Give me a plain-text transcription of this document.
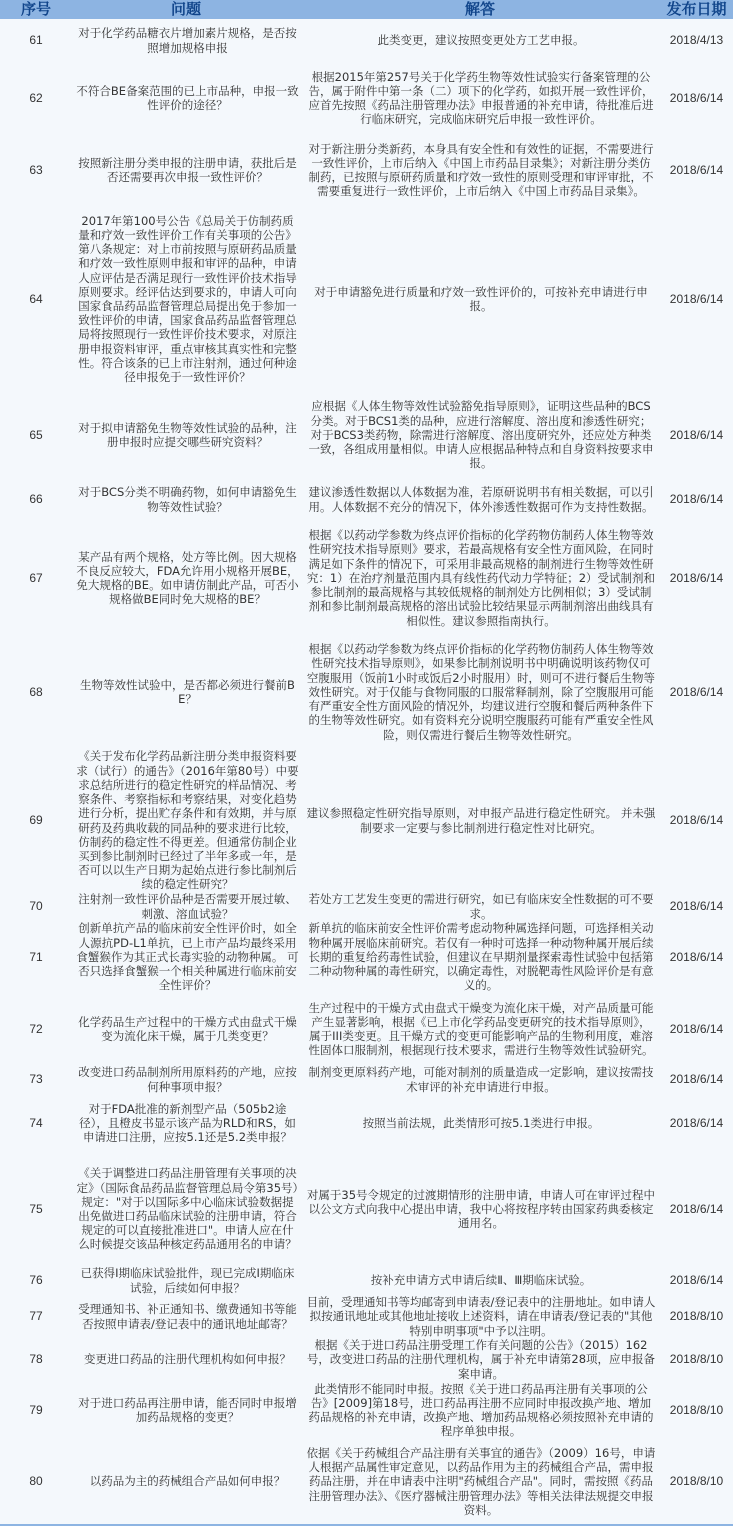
序号	问题	解答	发布日期
61	对于化学药品糖衣片增加素片规格，是否按照增加规格申报	此类变更，建议按照变更处方工艺申报。	2018/4/13
62	不符合BE备案范围的已上市品种，申报一致性评价的途径？	根据2015年第257号关于化学药生物等效性试验实行备案管理的公告，属于附件中第一条（二）项下的化学药，如拟开展一致性评价，应首先按照《药品注册管理办法》申报普通的补充申请，待批准后进行临床研究，完成临床研究后申报一致性评价。	2018/6/14
63	按照新注册分类申报的注册申请，获批后是否还需要再次申报一致性评价？	对于新注册分类新药，本身具有安全性和有效性的证据，不需要进行一致性评价，上市后纳入《中国上市药品目录集》；对新注册分类仿制药，已按照与原研药质量和疗效一致性的原则受理和审评审批，不需要重复进行一致性评价，上市后纳入《中国上市药品目录集》。	2018/6/14
64	2017年第100号公告《总局关于仿制药质量和疗效一致性评价工作有关事项的公告》第八条规定：对上市前按照与原研药品质量和疗效一致性原则申报和审评的品种，申请人应评估是否满足现行一致性评价技术指导原则要求。经评估达到要求的，申请人可向国家食品药品监督管理总局提出免于参加一致性评价的申请，国家食品药品监督管理总局将按照现行一致性评价技术要求，对原注册申报资料审评，重点审核其真实性和完整性。符合该条的已上市注射剂，通过何种途径申报免于一致性评价？	对于申请豁免进行质量和疗效一致性评价的，可按补充申请进行申报。	2018/6/14
65	对于拟申请豁免生物等效性试验的品种，注册申报时应提交哪些研究资料？	应根据《人体生物等效性试验豁免指导原则》，证明这些品种的BCS分类。对于BCS1类的品种，应进行溶解度、溶出度和渗透性研究；对于BCS3类药物，除需进行溶解度、溶出度研究外，还应处方种类一致，各组成用量相似。申请人应根据品种特点和自身资料按要求申报。	2018/6/14
66	对于BCS分类不明确药物，如何申请豁免生物等效性试验？	建议渗透性数据以人体数据为准，若原研说明书有相关数据，可以引用。人体数据不充分的情况下，体外渗透性数据可作为支持性数据。	2018/6/14
67	某产品有两个规格，处方等比例。因大规格不良反应较大，FDA允许用小规格开展BE，免大规格的BE。如申请仿制此产品，可否小规格做BE同时免大规格的BE？	根据《以药动学参数为终点评价指标的化学药物仿制药人体生物等效性研究技术指导原则》要求，若最高规格有安全性方面风险，在同时满足如下条件的情况下，可采用非最高规格的制剂进行生物等效性研究：1）在治疗剂量范围内具有线性药代动力学特征；2）受试制剂和参比制剂的最高规格与其较低规格的制剂处方比例相似；3）受试制剂和参比制剂最高规格的溶出试验比较结果显示两制剂溶出曲线具有相似性。建议参照指南执行。	2018/6/14
68	生物等效性试验中，是否都必须进行餐前BE？	根据《以药动学参数为终点评价指标的化学药物仿制药人体生物等效性研究技术指导原则》，如果参比制剂说明书中明确说明该药物仅可空腹服用（饭前1小时或饭后2小时服用）时，则可不进行餐后生物等效性研究。对于仅能与食物同服的口服常释制剂，除了空腹服用可能有严重安全性方面风险的情况外，均建议进行空腹和餐后两种条件下的生物等效性研究。如有资料充分说明空腹服药可能有严重安全性风险，则仅需进行餐后生物等效性研究。	2018/6/14
69	《关于发布化学药品新注册分类申报资料要求（试行）的通告》（2016年第80号）中要求总结所进行的稳定性研究的样品情况、考察条件、考察指标和考察结果，对变化趋势进行分析，提出贮存条件和有效期，并与原研药及药典收载的同品种的要求进行比较，仿制药的稳定性不得更差。但通常仿制企业买到参比制剂时已经过了半年多或一年，是否可以以生产日期为起始点进行参比制剂后续的稳定性研究？	建议参照稳定性研究指导原则，对申报产品进行稳定性研究。 并未强制要求一定要与参比制剂进行稳定性对比研究。	2018/6/14
70	注射剂一致性评价品种是否需要开展过敏、刺激、溶血试验？	若处方工艺发生变更的需进行研究，如已有临床安全性数据的可不要求。	2018/6/14
71	创新单抗产品的临床前安全性评价时，如全人源抗PD-L1单抗，已上市产品均最终采用食蟹猴作为其正式长毒实验的动物种属。 可否只选择食蟹猴一个相关种属进行临床前安全性评价？	新单抗的临床前安全性评价需考虑动物种属选择问题，可选择相关动物种属开展临床前研究。若仅有一种时可选择一种动物种属开展后续长期的重复给药毒性试验，但建议在早期剂量探索毒性试验中包括第二种动物种属的毒性研究，以确定毒性，对脱靶毒性风险评价是有意义的。	2018/6/14
72	化学药品生产过程中的干燥方式由盘式干燥变为流化床干燥，属于几类变更？	生产过程中的干燥方式由盘式干燥变为流化床干燥，对产品质量可能产生显著影响，根据《已上市化学药品变更研究的技术指导原则》，属于III类变更。且干燥方式的变更可能影响产品的生物利用度，难溶性固体口服制剂，根据现行技术要求，需进行生物等效性试验研究。	2018/6/14
73	改变进口药品制剂所用原料药的产地，应按何种事项申报？	制剂变更原料药产地，可能对制剂的质量造成一定影响，建议按需技术审评的补充申请进行申报。	2018/6/14
74	对于FDA批准的新剂型产品（505b2途径），且橙皮书显示该产品为RLD和RS，如申请进口注册，应按5.1还是5.2类申报？	按照当前法规，此类情形可按5.1类进行申报。	2018/6/14
75	《关于调整进口药品注册管理有关事项的决定》（国际食品药品监督管理总局令第35号）规定："对于以国际多中心临床试验数据提出免做进口药品临床试验的注册申请，符合规定的可以直接批准进口"。申请人应在什么时候提交该品种核定药品通用名的申请？	对属于35号令规定的过渡期情形的注册申请，申请人可在审评过程中以公文方式向我中心提出申请，我中心将按程序转由国家药典委核定通用名。	2018/6/14
76	已获得I期临床试验批件，现已完成Ⅰ期临床试验，后续如何申报？	按补充申请方式申请后续Ⅱ、Ⅲ期临床试验。	2018/6/14
77	受理通知书、补正通知书、缴费通知书等能否按照申请表/登记表中的通讯地址邮寄？	目前，受理通知书等均邮寄到申请表/登记表中的注册地址。如申请人拟按通讯地址或其他地址接收上述资料，请在申请表/登记表的"其他特别申明事项"中予以注明。	2018/8/10
78	变更进口药品的注册代理机构如何申报？	根据《关于进口药品注册受理工作有关问题的公告》（2015）162号，改变进口药品的注册代理机构，属于补充申请第28项，应申报备案申请。	2018/8/10
79	对于进口药品再注册申请，能否同时申报增加药品规格的变更？	此类情形不能同时申报。按照《关于进口药品再注册有关事项的公告》[2009]第18号，进口药品再注册不应同时申报改换产地、增加药品规格的补充申请，改换产地、增加药品规格必须按照补充申请的程序单独申报。	2018/8/10
80	以药品为主的药械组合产品如何申报？	依据《关于药械组合产品注册有关事宜的通告》（2009）16号，申请人根据产品属性审定意见，以药品作用为主的药械组合产品，需申报药品注册，并在申请表中注明"药械组合产品"。同时，需按照《药品注册管理办法》、《医疗器械注册管理办法》等相关法律法规提交申报资料。	2018/8/10
